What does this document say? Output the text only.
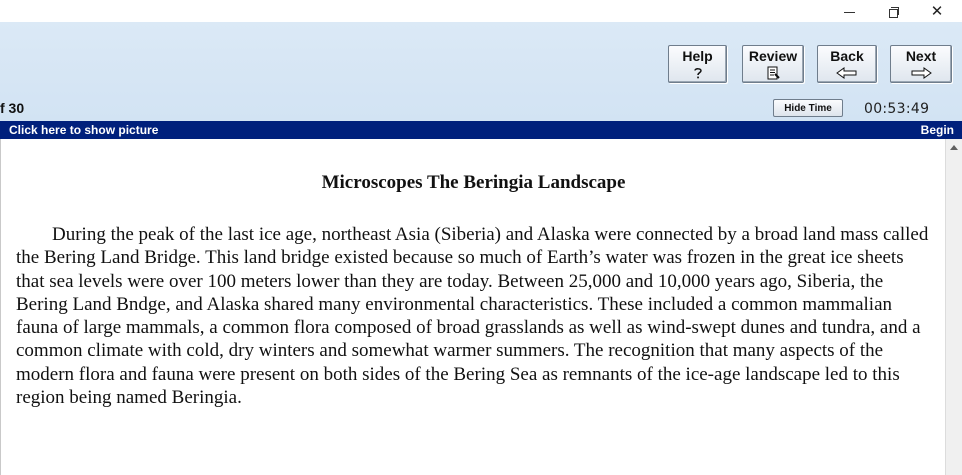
✕
Help	Review Back	Next
f 30	Hide Time	00:53:49
Click here to show picture	Begin
Microscopes The Beringia Landscape

During the peak of the last ice age, northeast Asia (Siberia) and Alaska were connected by a broad land mass called the Bering Land Bridge. This land bridge existed because so much of Earth’s water was frozen in the great ice sheets that sea levels were over 100 meters lower than they are today. Between 25,000 and 10,000 years ago, Siberia, the Bering Land Bndge, and Alaska shared many environmental characteristics. These included a common mammalian fauna of large mammals, a common flora composed of broad grasslands as well as wind-swept dunes and tundra, and a common climate with cold, dry winters and somewhat warmer summers. The recognition that many aspects of the modern flora and fauna were present on both sides of the Bering Sea as remnants of the ice-age landscape led to this region being named Beringia.
